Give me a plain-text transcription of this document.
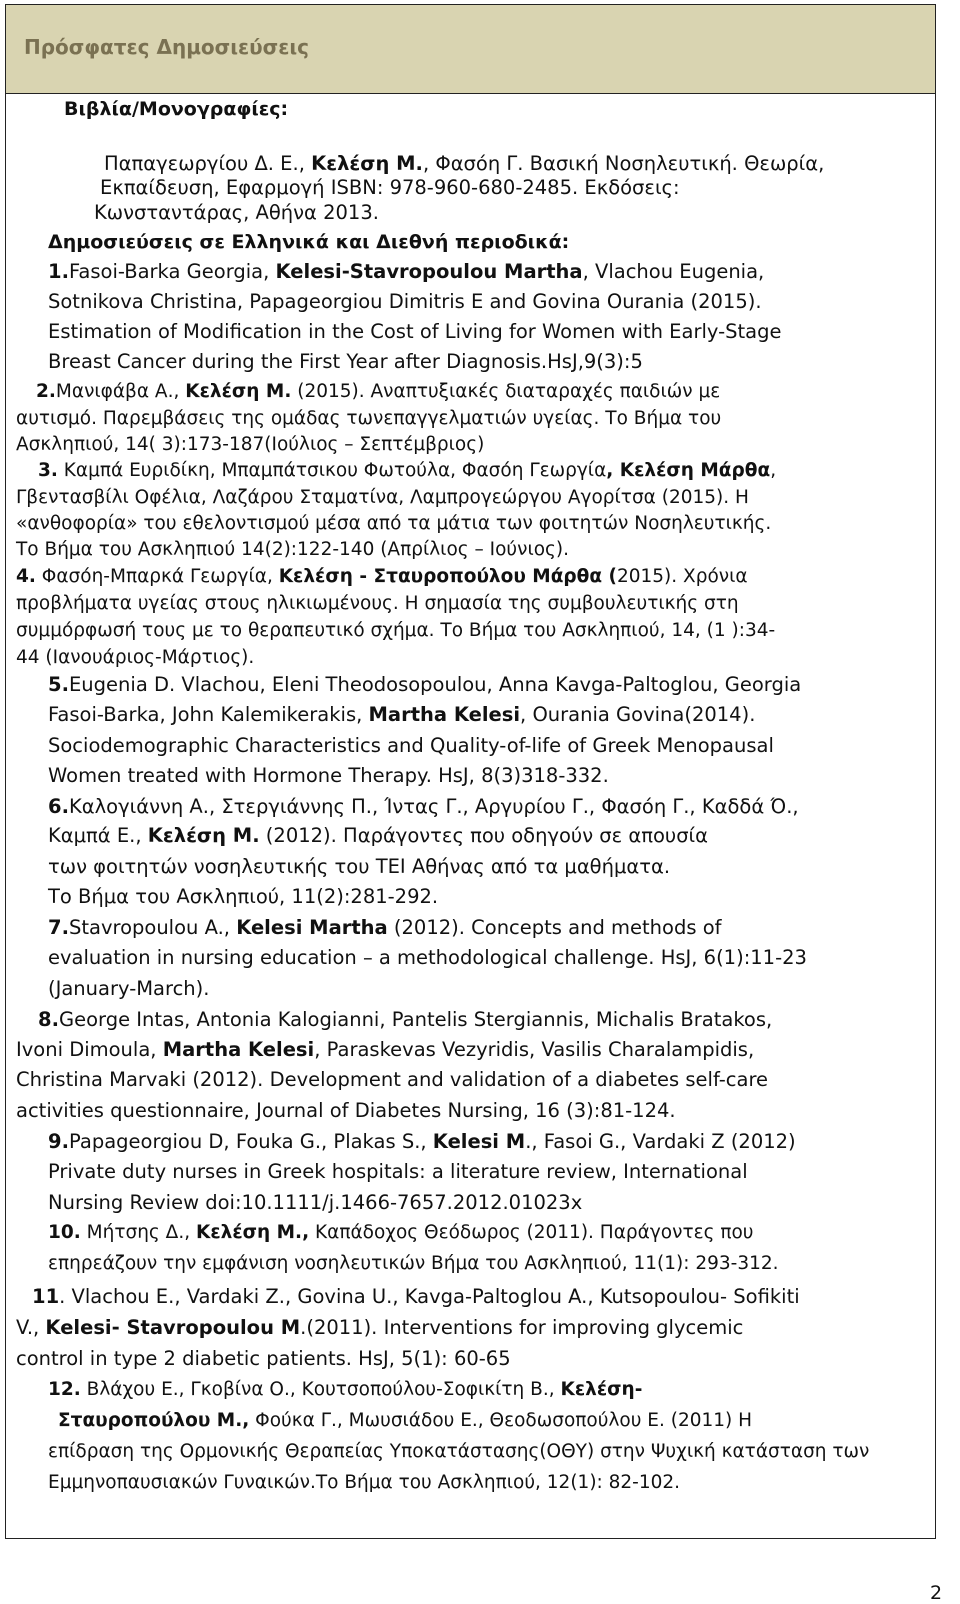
Πρόσφατες Δημοσιεύσεις
Βιβλία/Μονογραφίες:
Παπαγεωργίου Δ. Ε., Κελέση Μ., Φασόη Γ. Βασική Νοσηλευτική. Θεωρία,
Εκπαίδευση, Εφαρμογή ISBN: 978-960-680-2485. Εκδόσεις:
Κωνσταντάρας, Αθήνα 2013.
Δημοσιεύσεις σε Ελληνικά και Διεθνή περιοδικά:
1.Fasoi-Barka Georgia, Kelesi-Stavropoulou Martha, Vlachou Eugenia,
Sotnikova Christina, Papageorgiou Dimitris E and Govina Ourania (2015).
Estimation of Modification in the Cost of Living for Women with Early-Stage
Breast Cancer during the First Year after Diagnosis.HsJ,9(3):5
2.Μανιφάβα Α., Κελέση Μ. (2015). Αναπτυξιακές διαταραχές παιδιών με
αυτισμό. Παρεμβάσεις της ομάδας τωνεπαγγελματιών υγείας. Το Βήμα του
Ασκληπιού, 14( 3):173-187(Ιούλιος – Σεπτέμβριος)
3. Καμπά Ευριδίκη, Μπαμπάτσικου Φωτούλα, Φασόη Γεωργία, Κελέση Μάρθα,
Γβεντασβίλι Οφέλια, Λαζάρου Σταματίνα, Λαμπρογεώργου Αγορίτσα (2015). Η
«ανθοφορία» του εθελοντισμού μέσα από τα μάτια των φοιτητών Νοσηλευτικής.
Το Βήμα του Ασκληπιού 14(2):122-140 (Απρίλιος – Ιούνιος).
4. Φασόη-Μπαρκά Γεωργία, Κελέση - Σταυροπούλου Μάρθα (2015). Χρόνια
προβλήματα υγείας στους ηλικιωμένους. Η σημασία της συμβουλευτικής στη
συμμόρφωσή τους με το θεραπευτικό σχήμα. Το Βήμα του Ασκληπιού, 14, (1 ):34-
44 (Ιανουάριος-Μάρτιος).
5.Eugenia D. Vlachou, Eleni Theodosopoulou, Anna Kavga-Paltoglou, Georgia
Fasoi-Barka, John Kalemikerakis, Martha Kelesi, Ourania Govina(2014).
Sociodemographic Characteristics and Quality-of-life of Greek Menopausal
Women treated with Hormone Therapy. HsJ, 8(3)318-332.
6.Καλογιάννη Α., Στεργιάννης Π., Ίντας Γ., Αργυρίου Γ., Φασόη Γ., Καδδά Ό.,
Καμπά Ε., Κελέση Μ. (2012). Παράγοντες που οδηγούν σε απουσία
των φοιτητών νοσηλευτικής του ΤΕΙ Αθήνας από τα μαθήματα.
Το Βήμα του Ασκληπιού, 11(2):281-292.
7.Stavropoulou A., Kelesi Martha (2012). Concepts and methods of
evaluation in nursing education – a methodological challenge. HsJ, 6(1):11-23
(January-March).
8.George Intas, Antonia Kalogianni, Pantelis Stergiannis, Michalis Bratakos,
Ivoni Dimoula, Martha Kelesi, Paraskevas Vezyridis, Vasilis Charalampidis,
Christina Marvaki (2012). Development and validation of a diabetes self-care
activities questionnaire, Journal of Diabetes Nursing, 16 (3):81-124.
9.Papageorgiou D, Fouka G., Plakas S., Kelesi M., Fasoi G., Vardaki Z (2012)
Private duty nurses in Greek hospitals: a literature review, International
Nursing Review doi:10.1111/j.1466-7657.2012.01023x
10. Μήτσης Δ., Κελέση Μ., Καπάδοχος Θεόδωρος (2011). Παράγοντες που
επηρεάζουν την εμφάνιση νοσηλευτικών Βήμα του Ασκληπιού, 11(1): 293-312.
11. Vlachou E., Vardaki Z., Govina U., Kavga-Paltoglou A., Kutsopoulou- Sofikiti
V., Kelesi- Stavropoulou M.(2011). Interventions for improving glycemic
control in type 2 diabetic patients. HsJ, 5(1): 60-65
12. Βλάχου Ε., Γκοβίνα Ο., Κουτσοπούλου-Σοφικίτη Β., Κελέση-
Σταυροπούλου Μ., Φούκα Γ., Μωυσιάδου Ε., Θεοδωσοπούλου Ε. (2011) Η
επίδραση της Ορμονικής Θεραπείας Υποκατάστασης(ΟΘΥ) στην Ψυχική κατάσταση των
Εμμηνοπαυσιακών Γυναικών.Το Βήμα του Ασκληπιού, 12(1): 82-102.
2
